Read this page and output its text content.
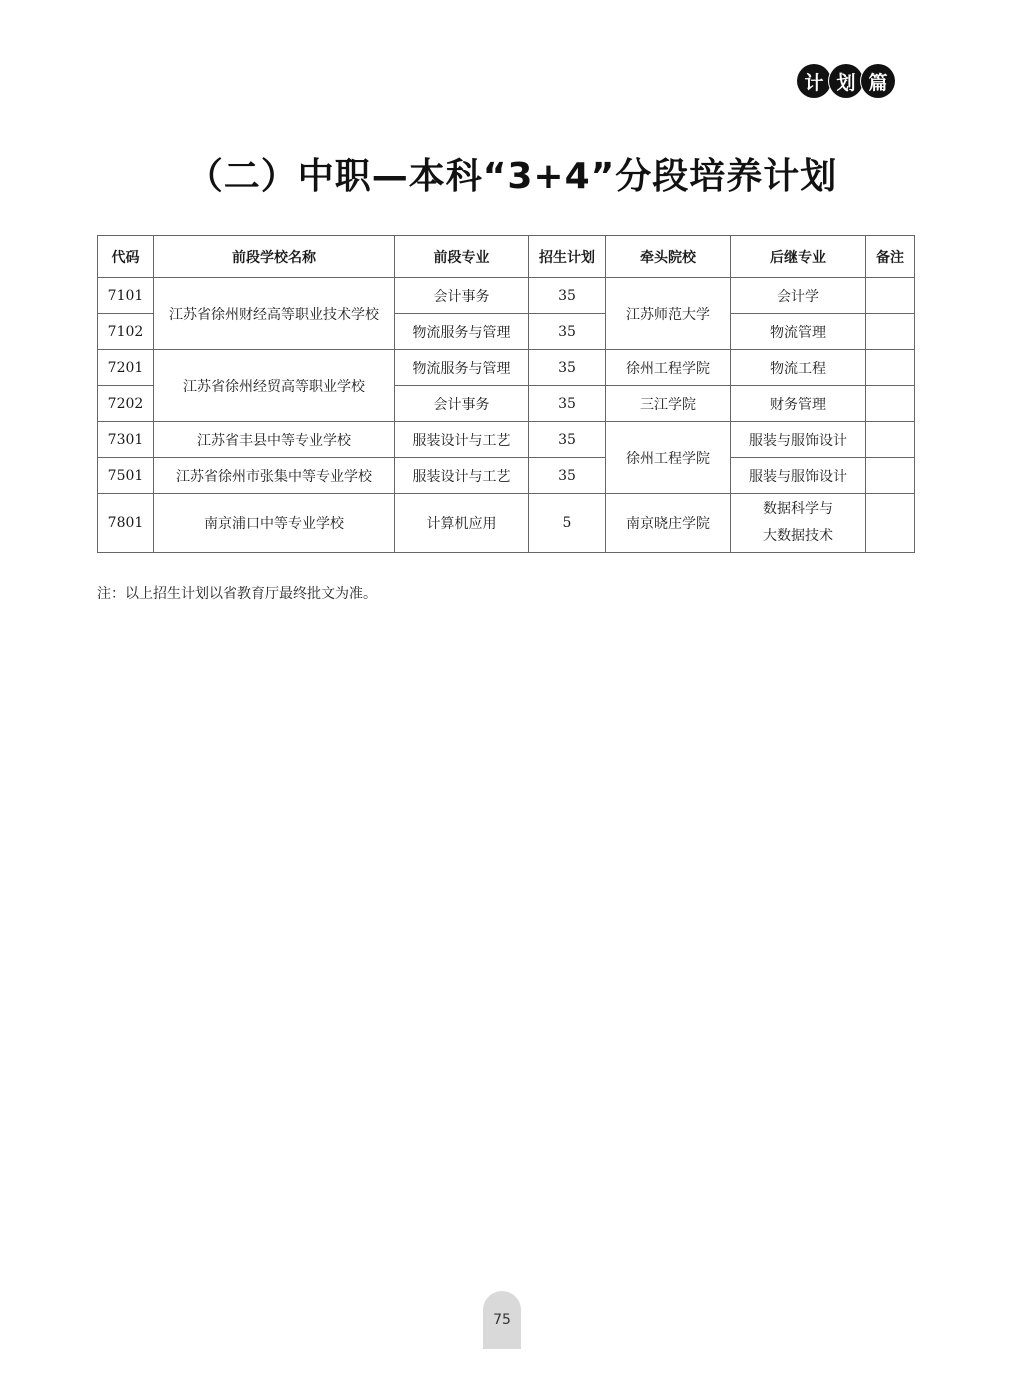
计 划 篇
（二）中职—本科“3+4”分段培养计划
代码	前段学校名称	前段专业	招生计划	牵头院校	后继专业	备注
7101	江苏省徐州财经高等职业技术学校	会计事务	35	江苏师范大学	会计学	
7102		物流服务与管理	35		物流管理	
7201	江苏省徐州经贸高等职业学校	物流服务与管理	35	徐州工程学院	物流工程	
7202		会计事务	35	三江学院	财务管理	
7301	江苏省丰县中等专业学校	服装设计与工艺	35	徐州工程学院	服装与服饰设计	
7501	江苏省徐州市张集中等专业学校	服装设计与工艺	35		服装与服饰设计	
7801	南京浦口中等专业学校	计算机应用	5	南京晓庄学院	数据科学与
大数据技术	

注：以上招生计划以省教育厅最终批文为准。
75
